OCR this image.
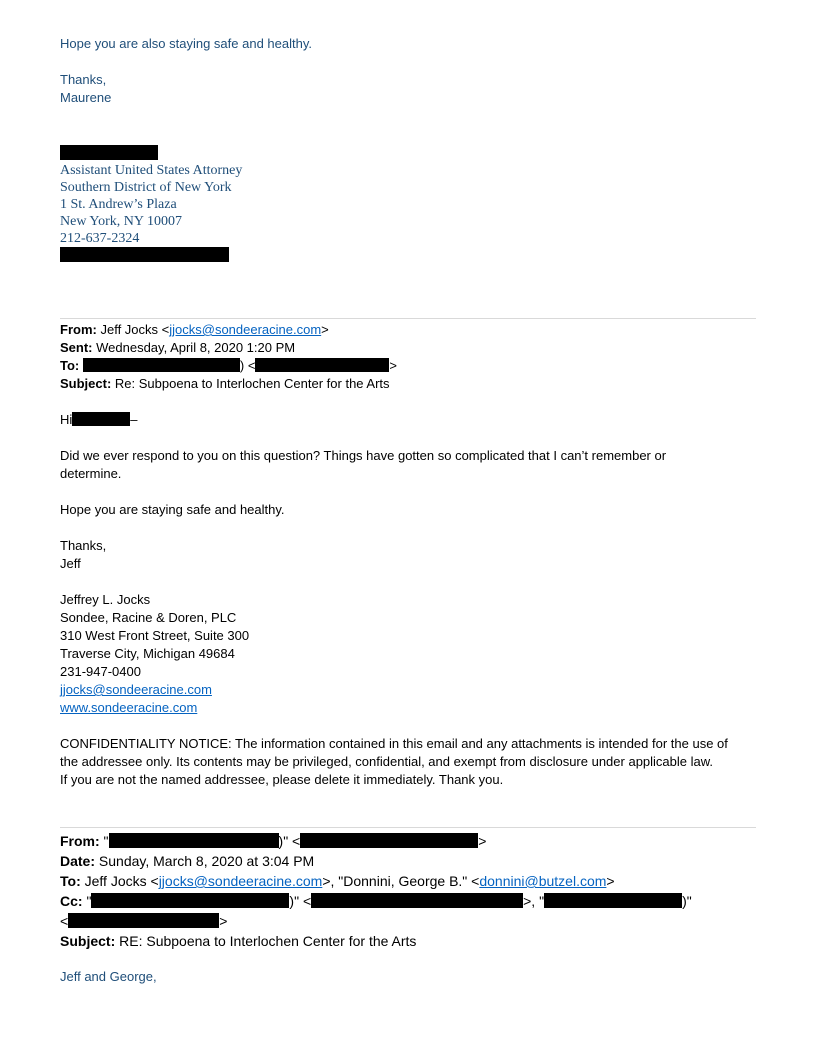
Hope you are also staying safe and healthy.
Thanks,
Maurene
Assistant United States Attorney
Southern District of New York
1 St. Andrew’s Plaza
New York, NY 10007
212-637-2324
From: Jeff Jocks <jjocks@sondeeracine.com>
Sent: Wednesday, April 8, 2020 1:20 PM
To:	) <	>
Subject: Re: Subpoena to Interlochen Center for the Arts
Hi	–
Did we ever respond to you on this question? Things have gotten so complicated that I can’t remember or
determine.
Hope you are staying safe and healthy.
Thanks,
Jeff
Jeffrey L. Jocks
Sondee, Racine & Doren, PLC
310 West Front Street, Suite 300
Traverse City, Michigan 49684
231-947-0400
jjocks@sondeeracine.com
www.sondeeracine.com
CONFIDENTIALITY NOTICE: The information contained in this email and any attachments is intended for the use of
the addressee only. Its contents may be privileged, confidential, and exempt from disclosure under applicable law.
If you are not the named addressee, please delete it immediately. Thank you.
From: "	)" <	>
Date: Sunday, March 8, 2020 at 3:04 PM
To: Jeff Jocks <jjocks@sondeeracine.com>, "Donnini, George B." <donnini@butzel.com>
Cc: "	)" <	>, "	)"
<	>
Subject: RE: Subpoena to Interlochen Center for the Arts
Jeff and George,
